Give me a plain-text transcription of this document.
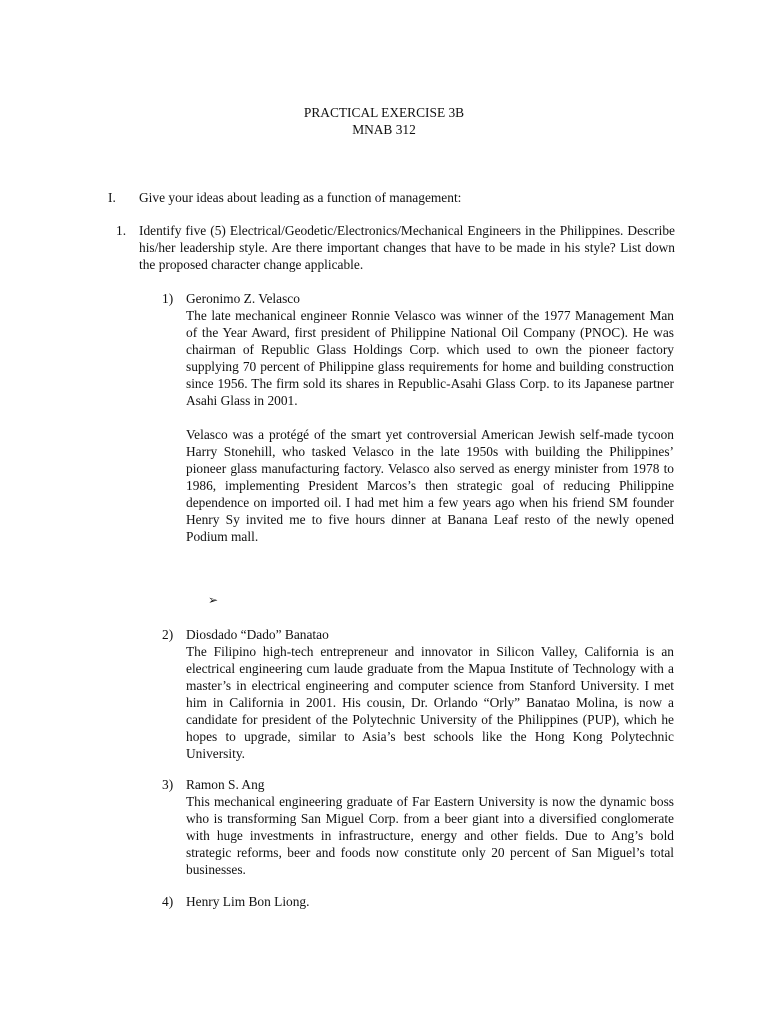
PRACTICAL EXERCISE 3B
MNAB 312
I. Give your ideas about leading as a function of management:
1. Identify five (5) Electrical/Geodetic/Electronics/Mechanical Engineers in the Philippines. Describe his/her leadership style. Are there important changes that have to be made in his style? List down the proposed character change applicable.
1) Geronimo Z. Velasco

The late mechanical engineer Ronnie Velasco was winner of the 1977 Management Man of the Year Award, first president of Philippine National Oil Company (PNOC). He was chairman of Republic Glass Holdings Corp. which used to own the pioneer factory supplying 70 percent of Philippine glass requirements for home and building construction since 1956. The firm sold its shares in Republic-Asahi Glass Corp. to its Japanese partner Asahi Glass in 2001.

Velasco was a protégé of the smart yet controversial American Jewish self-made tycoon Harry Stonehill, who tasked Velasco in the late 1950s with building the Philippines’ pioneer glass manufacturing factory. Velasco also served as energy minister from 1978 to 1986, implementing President Marcos’s then strategic goal of reducing Philippine dependence on imported oil. I had met him a few years ago when his friend SM founder Henry Sy invited me to five hours dinner at Banana Leaf resto of the newly opened Podium mall.

➢
2) Diosdado “Dado” Banatao

The Filipino high-tech entrepreneur and innovator in Silicon Valley, California is an electrical engineering cum laude graduate from the Mapua Institute of Technology with a master’s in electrical engineering and computer science from Stanford University. I met him in California in 2001. His cousin, Dr. Orlando “Orly” Banatao Molina, is now a candidate for president of the Polytechnic University of the Philippines (PUP), which he hopes to upgrade, similar to Asia’s best schools like the Hong Kong Polytechnic University.

3) Ramon S. Ang

This mechanical engineering graduate of Far Eastern University is now the dynamic boss who is transforming San Miguel Corp. from a beer giant into a diversified conglomerate with huge investments in infrastructure, energy and other fields. Due to Ang’s bold strategic reforms, beer and foods now constitute only 20 percent of San Miguel’s total businesses.

4) Henry Lim Bon Liong.
